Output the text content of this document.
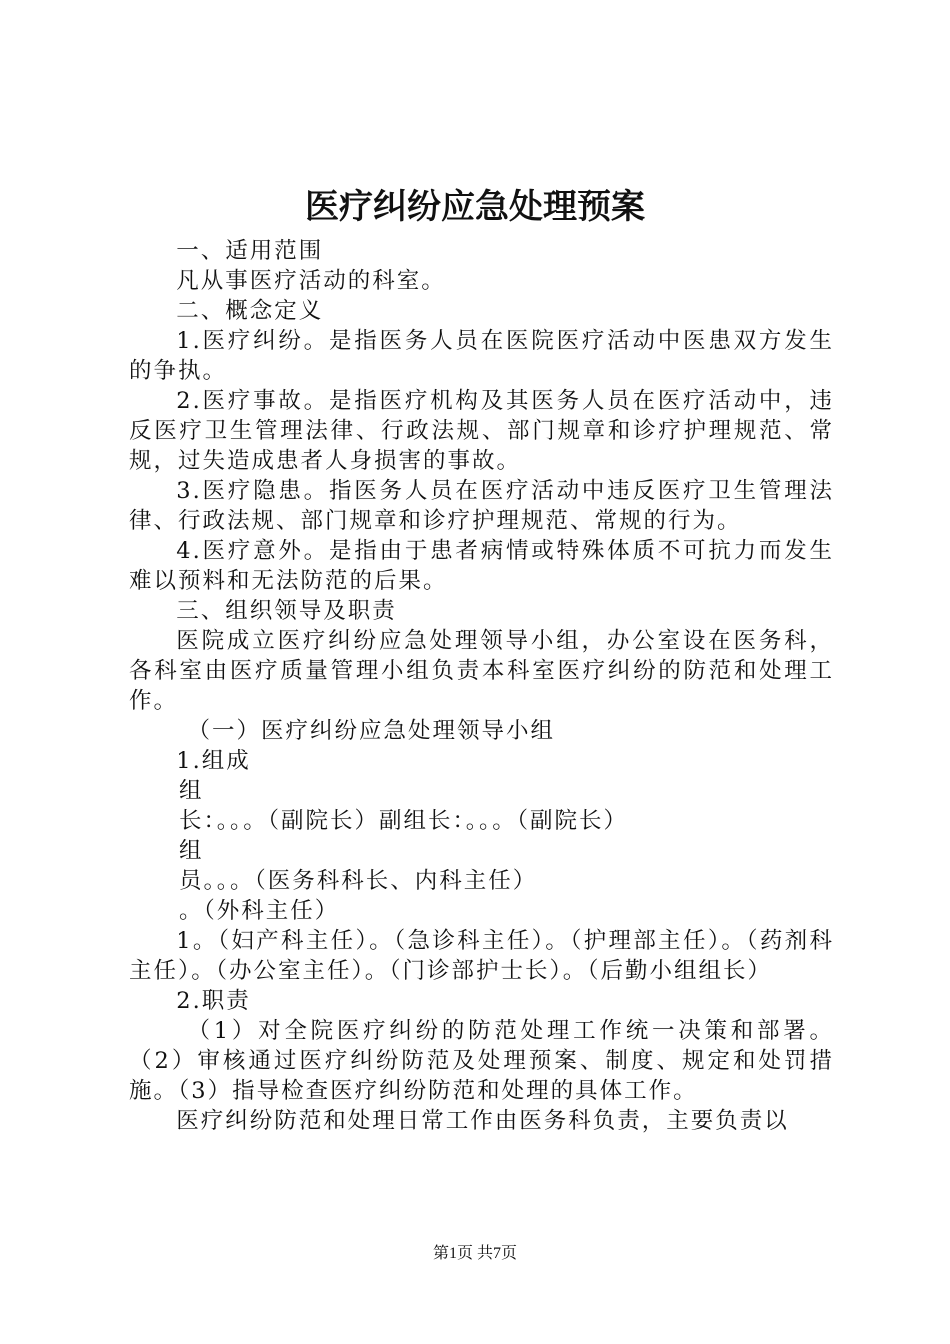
医疗纠纷应急处理预案

一、适用范围

凡从事医疗活动的科室。

二、概念定义

1.医疗纠纷。是指医务人员在医院医疗活动中医患双方发生的争执。

2.医疗事故。是指医疗机构及其医务人员在医疗活动中，违反医疗卫生管理法律、行政法规、部门规章和诊疗护理规范、常规，过失造成患者人身损害的事故。

3.医疗隐患。指医务人员在医疗活动中违反医疗卫生管理法律、行政法规、部门规章和诊疗护理规范、常规的行为。

4.医疗意外。是指由于患者病情或特殊体质不可抗力而发生难以预料和无法防范的后果。

三、组织领导及职责

医院成立医疗纠纷应急处理领导小组，办公室设在医务科，各科室由医疗质量管理小组负责本科室医疗纠纷的防范和处理工作。

（一）医疗纠纷应急处理领导小组

1.组成

组

长：。。。（副院长）副组长：。。。（副院长）

组

员。。。（医务科科长、内科主任）

。（外科主任）

1。（妇产科主任）。（急诊科主任）。（护理部主任）。（药剂科主任）。（办公室主任）。（门诊部护士长）。（后勤小组组长）

2.职责

（1）对全院医疗纠纷的防范处理工作统一决策和部署。（2）审核通过医疗纠纷防范及处理预案、制度、规定和处罚措施。（3）指导检查医疗纠纷防范和处理的具体工作。

医疗纠纷防范和处理日常工作由医务科负责，主要负责以

第1页 共7页
